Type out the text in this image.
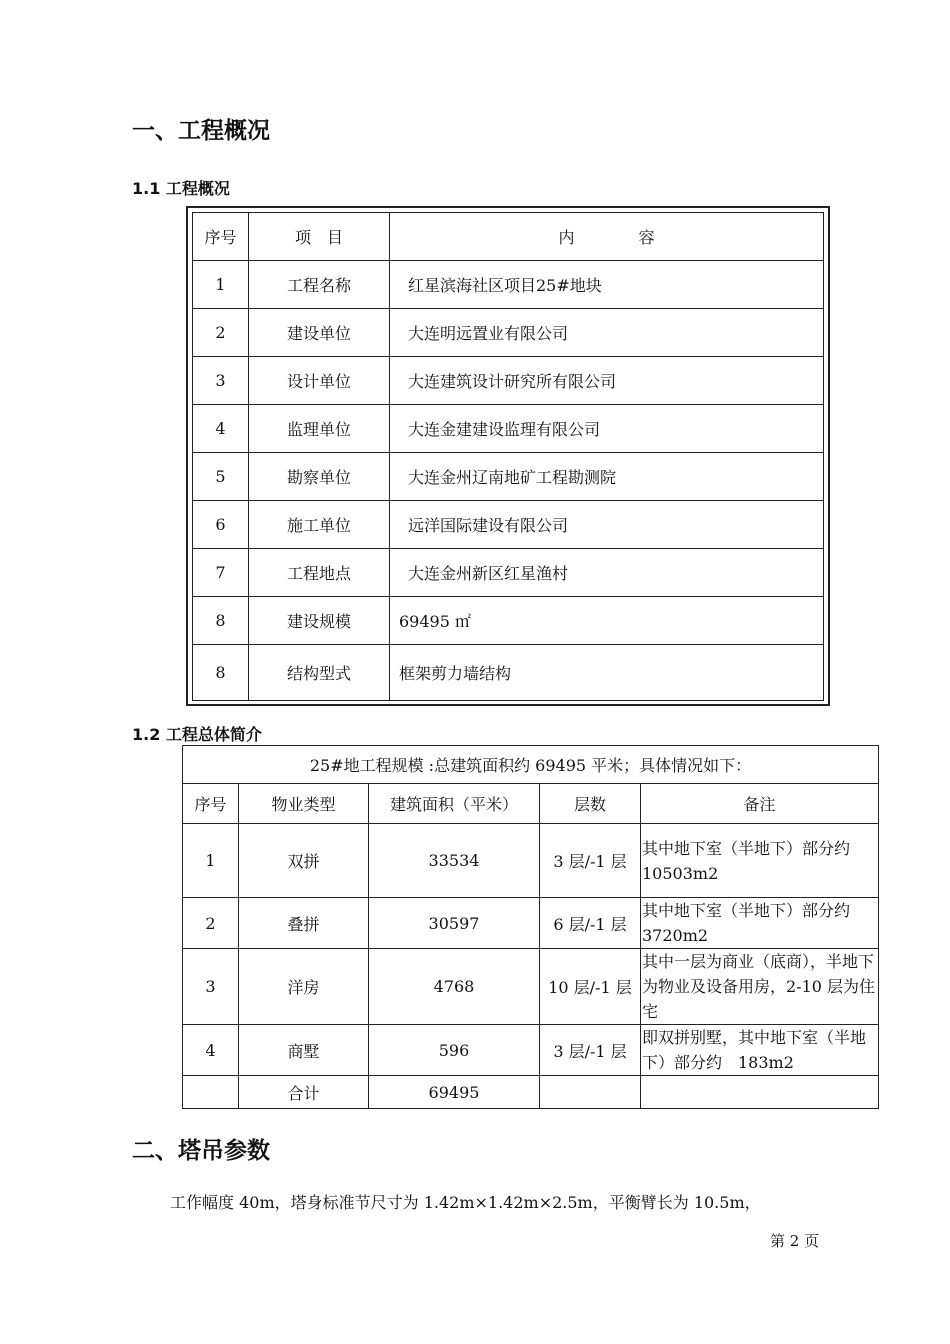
一、工程概况
1.1 工程概况
序号	项　目	内　　　　容
1	工程名称	红星滨海社区项目25#地块
2	建设单位	大连明远置业有限公司
3	设计单位	大连建筑设计研究所有限公司
4	监理单位	大连金建建设监理有限公司
5	勘察单位	大连金州辽南地矿工程勘测院
6	施工单位	远洋国际建设有限公司
7	工程地点	大连金州新区红星渔村
8	建设规模	69495 ㎡
8	结构型式	框架剪力墙结构
1.2 工程总体简介
25#地工程规模 :总建筑面积约 69495 平米；具体情况如下：				
序号	物业类型	建筑面积（平米）	层数	备注
1	双拼	33534	3 层/-1 层	其中地下室（半地下）部分约 10503m2
2	叠拼	30597	6 层/-1 层	其中地下室（半地下）部分约 3720m2
3	洋房	4768	10 层/-1 层	其中一层为商业（底商），半地下为物业及设备用房，2-10 层为住宅
4	商墅	596	3 层/-1 层	即双拼别墅，其中地下室（半地下）部分约　183m2
	合计	69495		
二、塔吊参数
工作幅度 40m，塔身标准节尺寸为 1.42m×1.42m×2.5m，平衡臂长为 10.5m，
第 2 页
